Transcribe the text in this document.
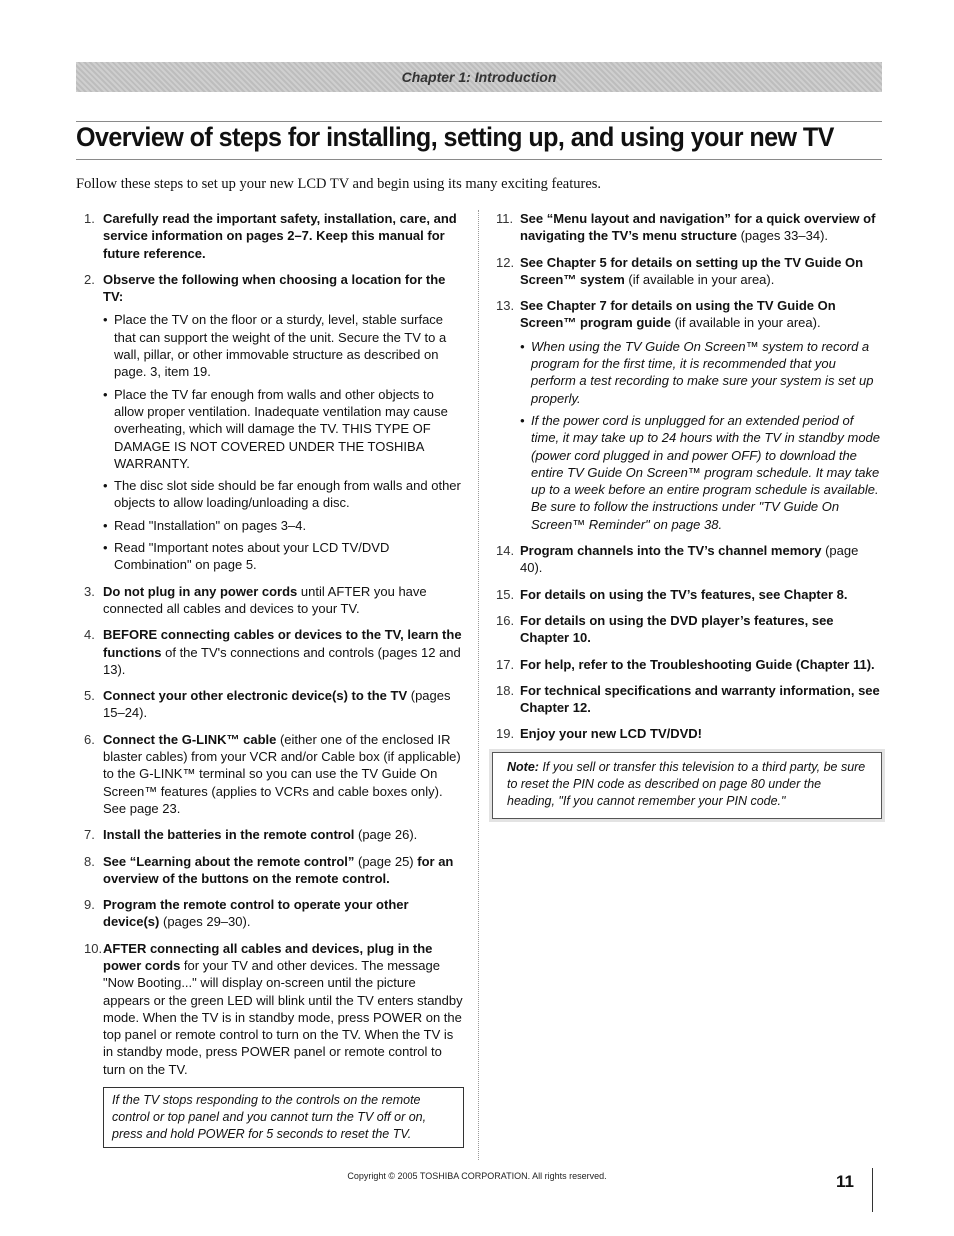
Chapter 1: Introduction
Overview of steps for installing, setting up, and using your new TV

Follow these steps to set up your new LCD TV and begin using its many exciting features.

1. Carefully read the important safety, installation, care, and service information on pages 2–7. Keep this manual for future reference.
2. Observe the following when choosing a location for the TV:
• Place the TV on the floor or a sturdy, level, stable surface that can support the weight of the unit. Secure the TV to a wall, pillar, or other immovable structure as described on page. 3, item 19.
• Place the TV far enough from walls and other objects to allow proper ventilation. Inadequate ventilation may cause overheating, which will damage the TV. THIS TYPE OF DAMAGE IS NOT COVERED UNDER THE TOSHIBA WARRANTY.
• The disc slot side should be far enough from walls and other objects to allow loading/unloading a disc.
• Read "Installation" on pages 3–4.
• Read "Important notes about your LCD TV/DVD Combination" on page 5.
3. Do not plug in any power cords until AFTER you have connected all cables and devices to your TV.
4. BEFORE connecting cables or devices to the TV, learn the functions of the TV's connections and controls (pages 12 and 13).
5. Connect your other electronic device(s) to the TV (pages 15–24).
6. Connect the G-LINK™ cable (either one of the enclosed IR blaster cables) from your VCR and/or Cable box (if applicable) to the G-LINK™ terminal so you can use the TV Guide On Screen™ features (applies to VCRs and cable boxes only). See page 23.
7. Install the batteries in the remote control (page 26).
8. See “Learning about the remote control” (page 25) for an overview of the buttons on the remote control.
9. Program the remote control to operate your other device(s) (pages 29–30).
10. AFTER connecting all cables and devices, plug in the power cords for your TV and other devices. The message "Now Booting..." will display on-screen until the picture appears or the green LED will blink until the TV enters standby mode. When the TV is in standby mode, press POWER on the top panel or remote control to turn on the TV. When the TV is in standby mode, press POWER panel or remote control to turn on the TV.
If the TV stops responding to the controls on the remote control or top panel and you cannot turn the TV off or on, press and hold POWER for 5 seconds to reset the TV.
11. See “Menu layout and navigation” for a quick overview of navigating the TV’s menu structure (pages 33–34).
12. See Chapter 5 for details on setting up the TV Guide On Screen™ system (if available in your area).
13. See Chapter 7 for details on using the TV Guide On Screen™ program guide (if available in your area).
• When using the TV Guide On Screen™ system to record a program for the first time, it is recommended that you perform a test recording to make sure your system is set up properly.
• If the power cord is unplugged for an extended period of time, it may take up to 24 hours with the TV in standby mode (power cord plugged in and power OFF) to download the entire TV Guide On Screen™ program schedule. It may take up to a week before an entire program schedule is available. Be sure to follow the instructions under "TV Guide On Screen™ Reminder" on page 38.
14. Program channels into the TV’s channel memory (page 40).
15. For details on using the TV’s features, see Chapter 8.
16. For details on using the DVD player’s features, see Chapter 10.
17. For help, refer to the Troubleshooting Guide (Chapter 11).
18. For technical specifications and warranty information, see Chapter 12.
19. Enjoy your new LCD TV/DVD!
Note: If you sell or transfer this television to a third party, be sure to reset the PIN code as described on page 80 under the heading, "If you cannot remember your PIN code."
Copyright © 2005 TOSHIBA CORPORATION. All rights reserved.	11
